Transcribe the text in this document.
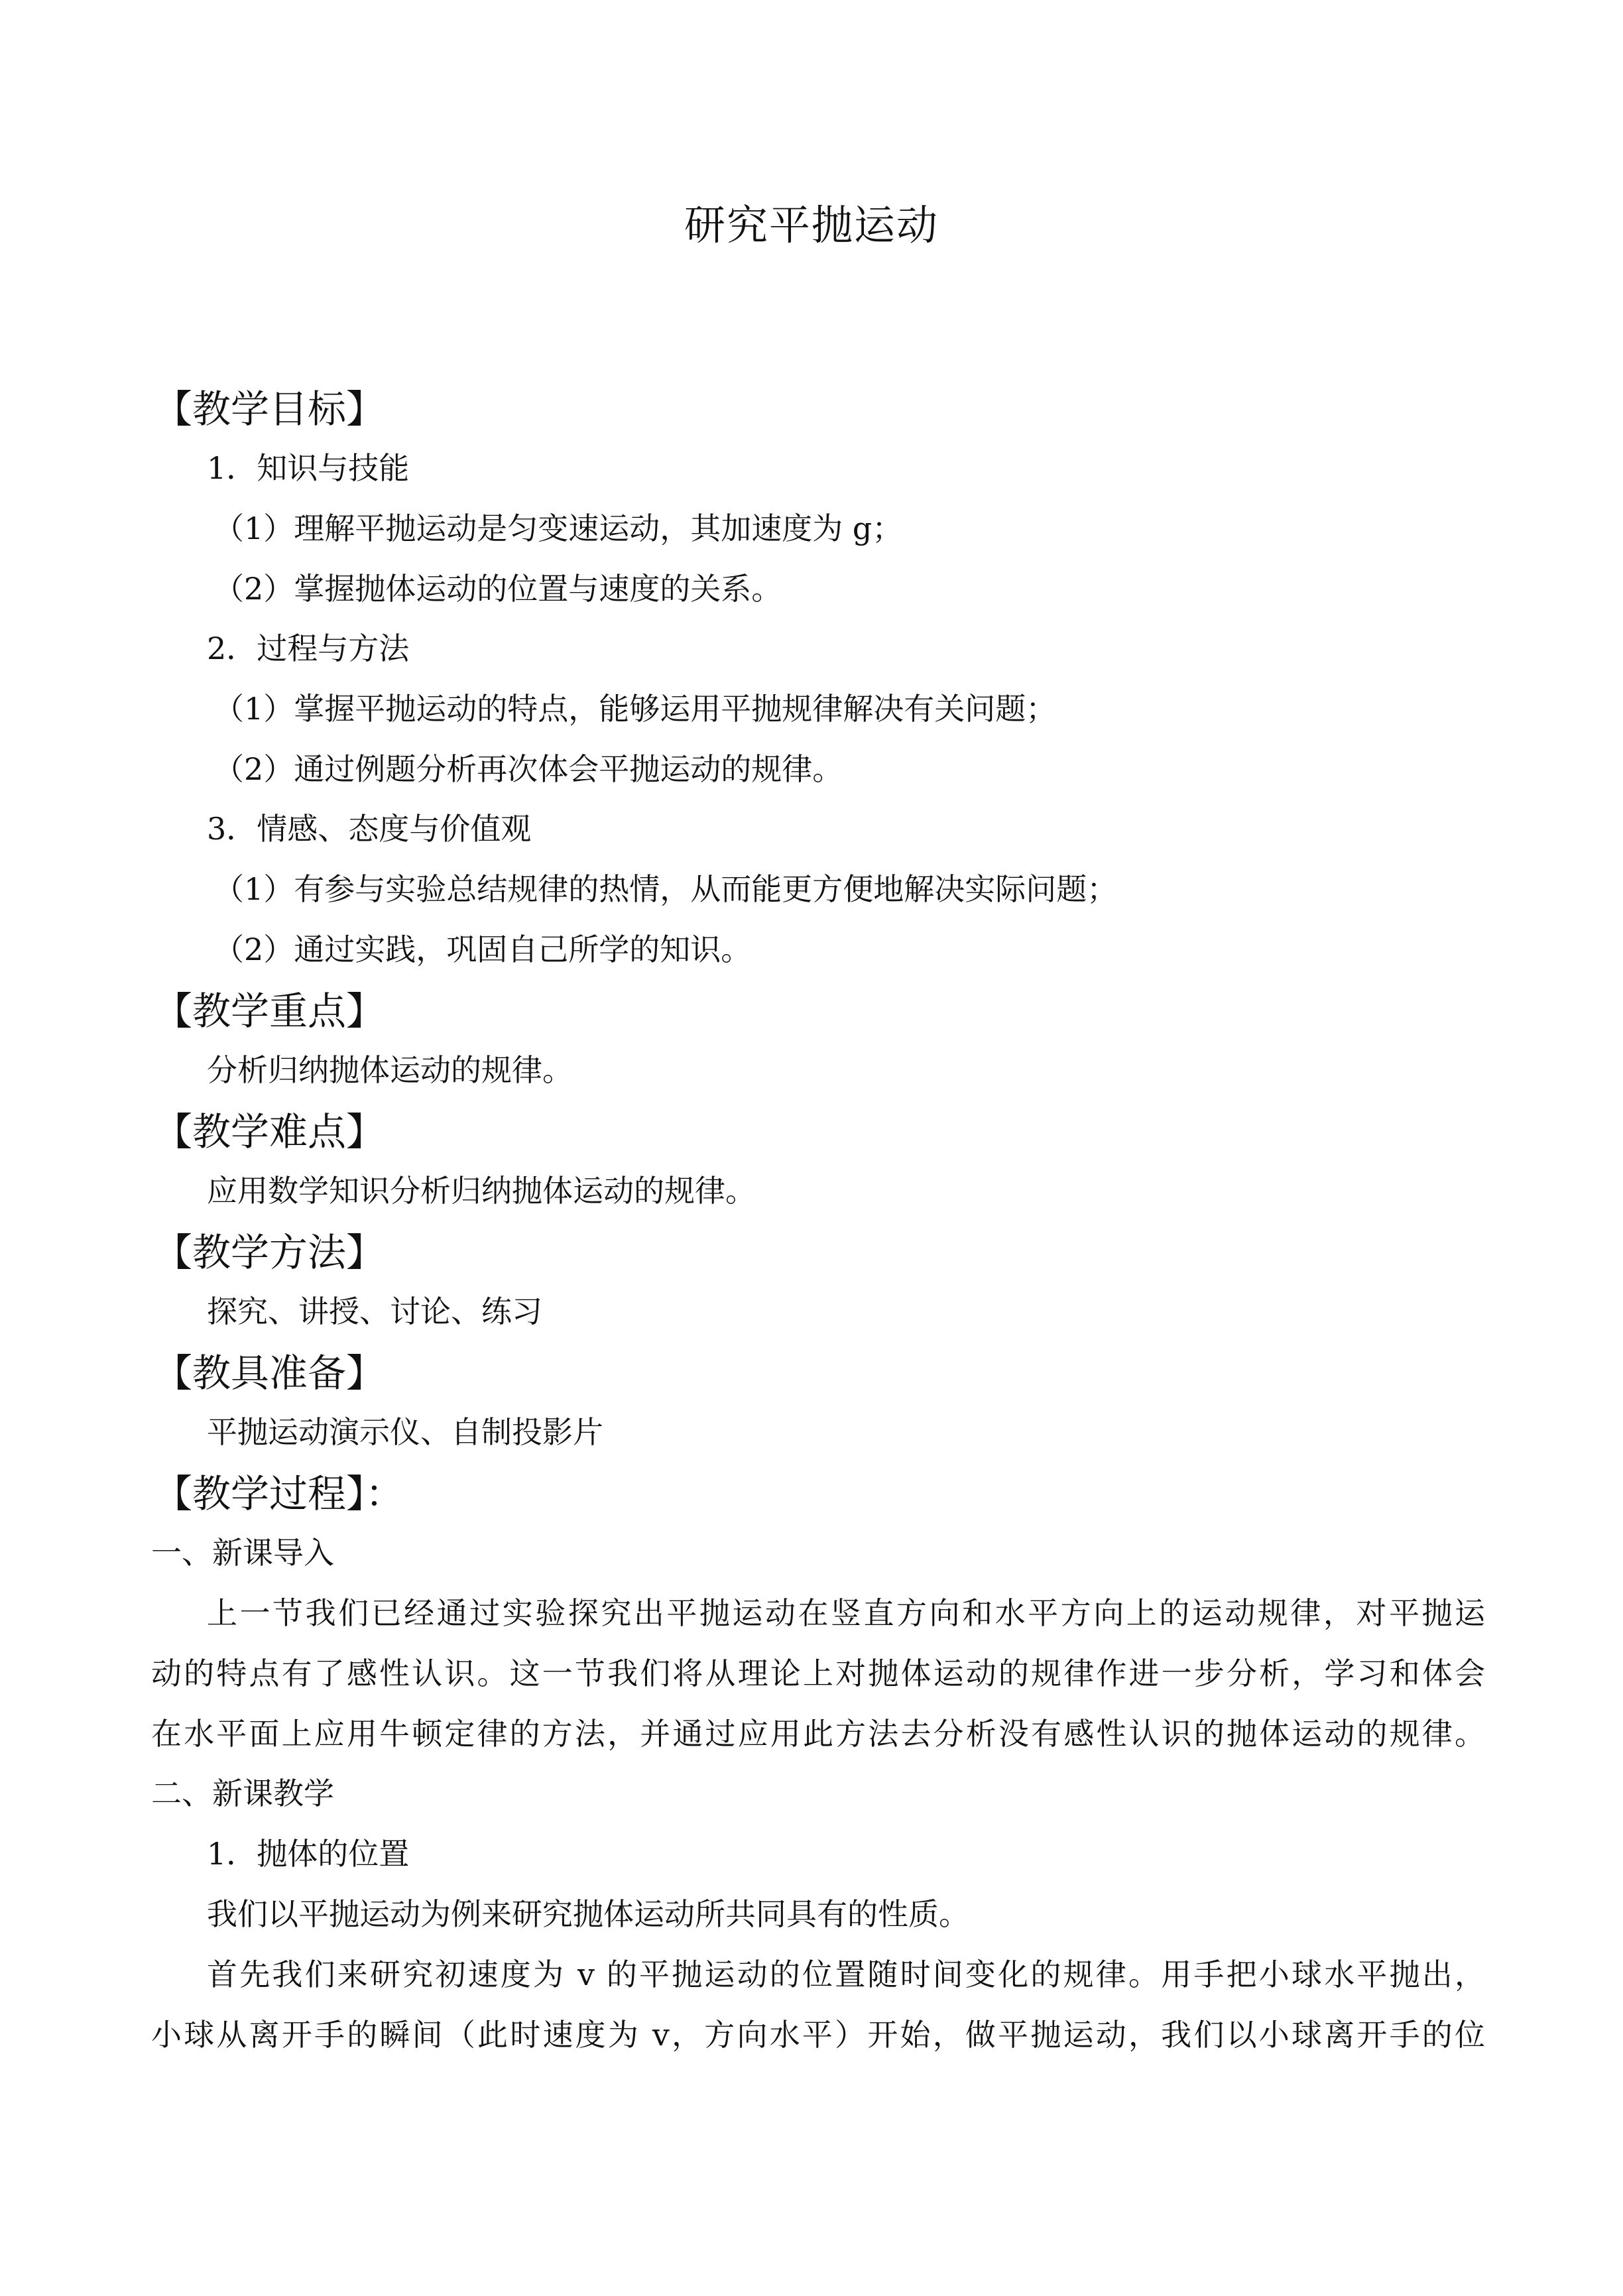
研究平抛运动
【教学目标】
1．知识与技能
（1）理解平抛运动是匀变速运动，其加速度为 g；
（2）掌握抛体运动的位置与速度的关系。
2．过程与方法
（1）掌握平抛运动的特点，能够运用平抛规律解决有关问题；
（2）通过例题分析再次体会平抛运动的规律。
3．情感、态度与价值观
（1）有参与实验总结规律的热情，从而能更方便地解决实际问题；
（2）通过实践，巩固自己所学的知识。
【教学重点】
分析归纳抛体运动的规律。
【教学难点】
应用数学知识分析归纳抛体运动的规律。
【教学方法】
探究、讲授、讨论、练习
【教具准备】
平抛运动演示仪、自制投影片
【教学过程】：
一、新课导入
上一节我们已经通过实验探究出平抛运动在竖直方向和水平方向上的运动规律，对平抛运
动的特点有了感性认识。这一节我们将从理论上对抛体运动的规律作进一步分析，学习和体会
在水平面上应用牛顿定律的方法，并通过应用此方法去分析没有感性认识的抛体运动的规律。
二、新课教学
1．抛体的位置
我们以平抛运动为例来研究抛体运动所共同具有的性质。
首先我们来研究初速度为 v 的平抛运动的位置随时间变化的规律。用手把小球水平抛出，
小球从离开手的瞬间（此时速度为 v，方向水平）开始，做平抛运动，我们以小球离开手的位
